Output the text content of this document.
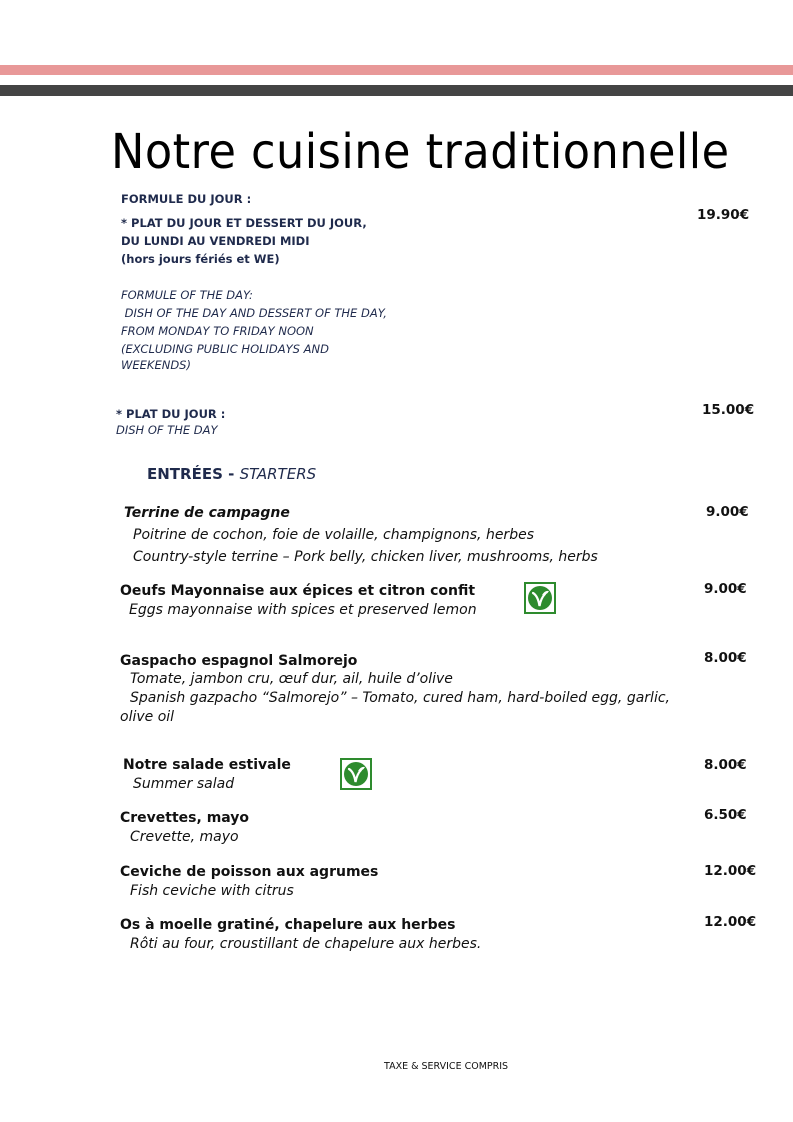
Notre cuisine traditionnelle
FORMULE DU JOUR :
* PLAT DU JOUR ET DESSERT DU JOUR,
DU LUNDI AU VENDREDI MIDI
(hors jours fériés et WE)
19.90€
FORMULE OF THE DAY:
DISH OF THE DAY AND DESSERT OF THE DAY,
FROM MONDAY TO FRIDAY NOON
(EXCLUDING PUBLIC HOLIDAYS AND
WEEKENDS)
* PLAT DU JOUR :
DISH OF THE DAY
15.00€
ENTRÉES - STARTERS
Terrine de campagne
Poitrine de cochon, foie de volaille, champignons, herbes
Country-style terrine – Pork belly, chicken liver, mushrooms, herbs
9.00€
Oeufs Mayonnaise aux épices et citron confit
Eggs mayonnaise with spices et preserved lemon
9.00€
Gaspacho espagnol Salmorejo
Tomate, jambon cru, œuf dur, ail, huile d’olive
Spanish gazpacho “Salmorejo” – Tomato, cured ham, hard-boiled egg, garlic,
olive oil
8.00€
Notre salade estivale
Summer salad
8.00€
Crevettes, mayo
Crevette, mayo
6.50€
Ceviche de poisson aux agrumes
Fish ceviche with citrus
12.00€
Os à moelle gratiné, chapelure aux herbes
Rôti au four, croustillant de chapelure aux herbes.
12.00€
TAXE & SERVICE COMPRIS
